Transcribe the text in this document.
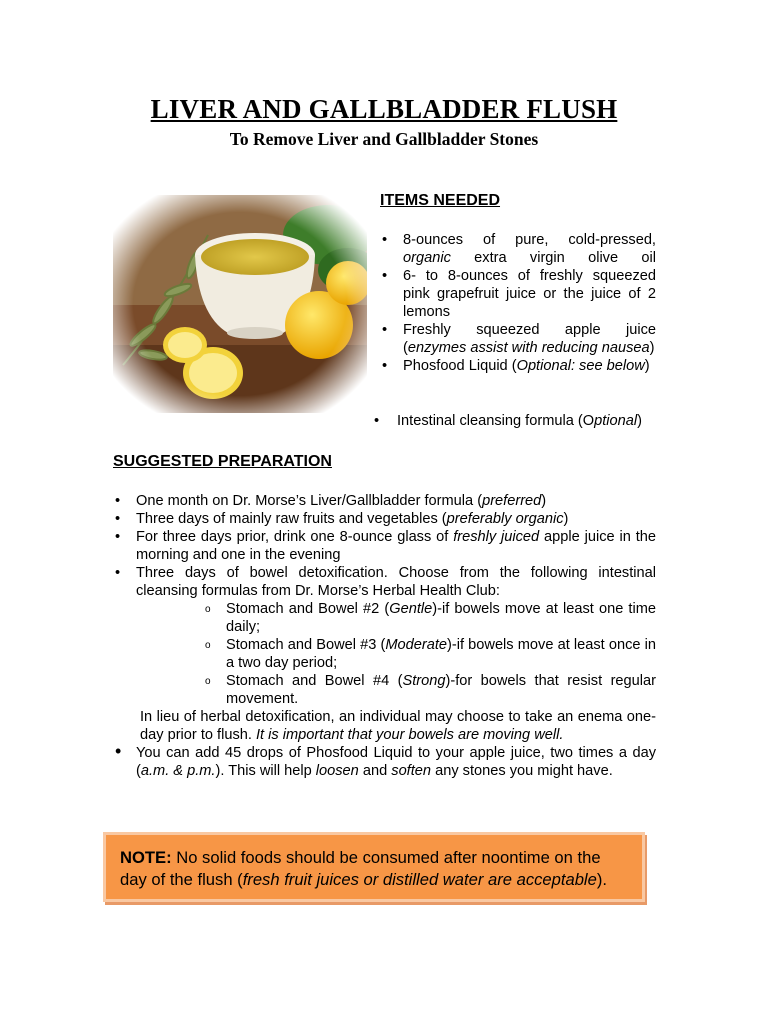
LIVER AND GALLBLADDER FLUSH
To Remove Liver and Gallbladder Stones
ITEMS NEEDED
• 8-ounces of pure, cold-pressed, organic extra virgin olive oil
• 6- to 8-ounces of freshly squeezed pink grapefruit juice or the juice of 2 lemons
• Freshly squeezed apple juice (enzymes assist with reducing nausea)
• Phosfood Liquid (Optional: see below)
• Intestinal cleansing formula (Optional)
SUGGESTED PREPARATION
• One month on Dr. Morse’s Liver/Gallbladder formula (preferred)
• Three days of mainly raw fruits and vegetables (preferably organic)
• For three days prior, drink one 8-ounce glass of freshly juiced apple juice in the morning and one in the evening
• Three days of bowel detoxification. Choose from the following intestinal cleansing formulas from Dr. Morse’s Herbal Health Club:
o Stomach and Bowel #2 (Gentle)-if bowels move at least one time daily;
o Stomach and Bowel #3 (Moderate)-if bowels move at least once in a two day period;
o Stomach and Bowel #4 (Strong)-for bowels that resist regular movement.

In lieu of herbal detoxification, an individual may choose to take an enema one-day prior to flush. It is important that your bowels are moving well.

• You can add 45 drops of Phosfood Liquid to your apple juice, two times a day (a.m. & p.m.). This will help loosen and soften any stones you might have.
NOTE: No solid foods should be consumed after noontime on the day of the flush (fresh fruit juices or distilled water are acceptable).
